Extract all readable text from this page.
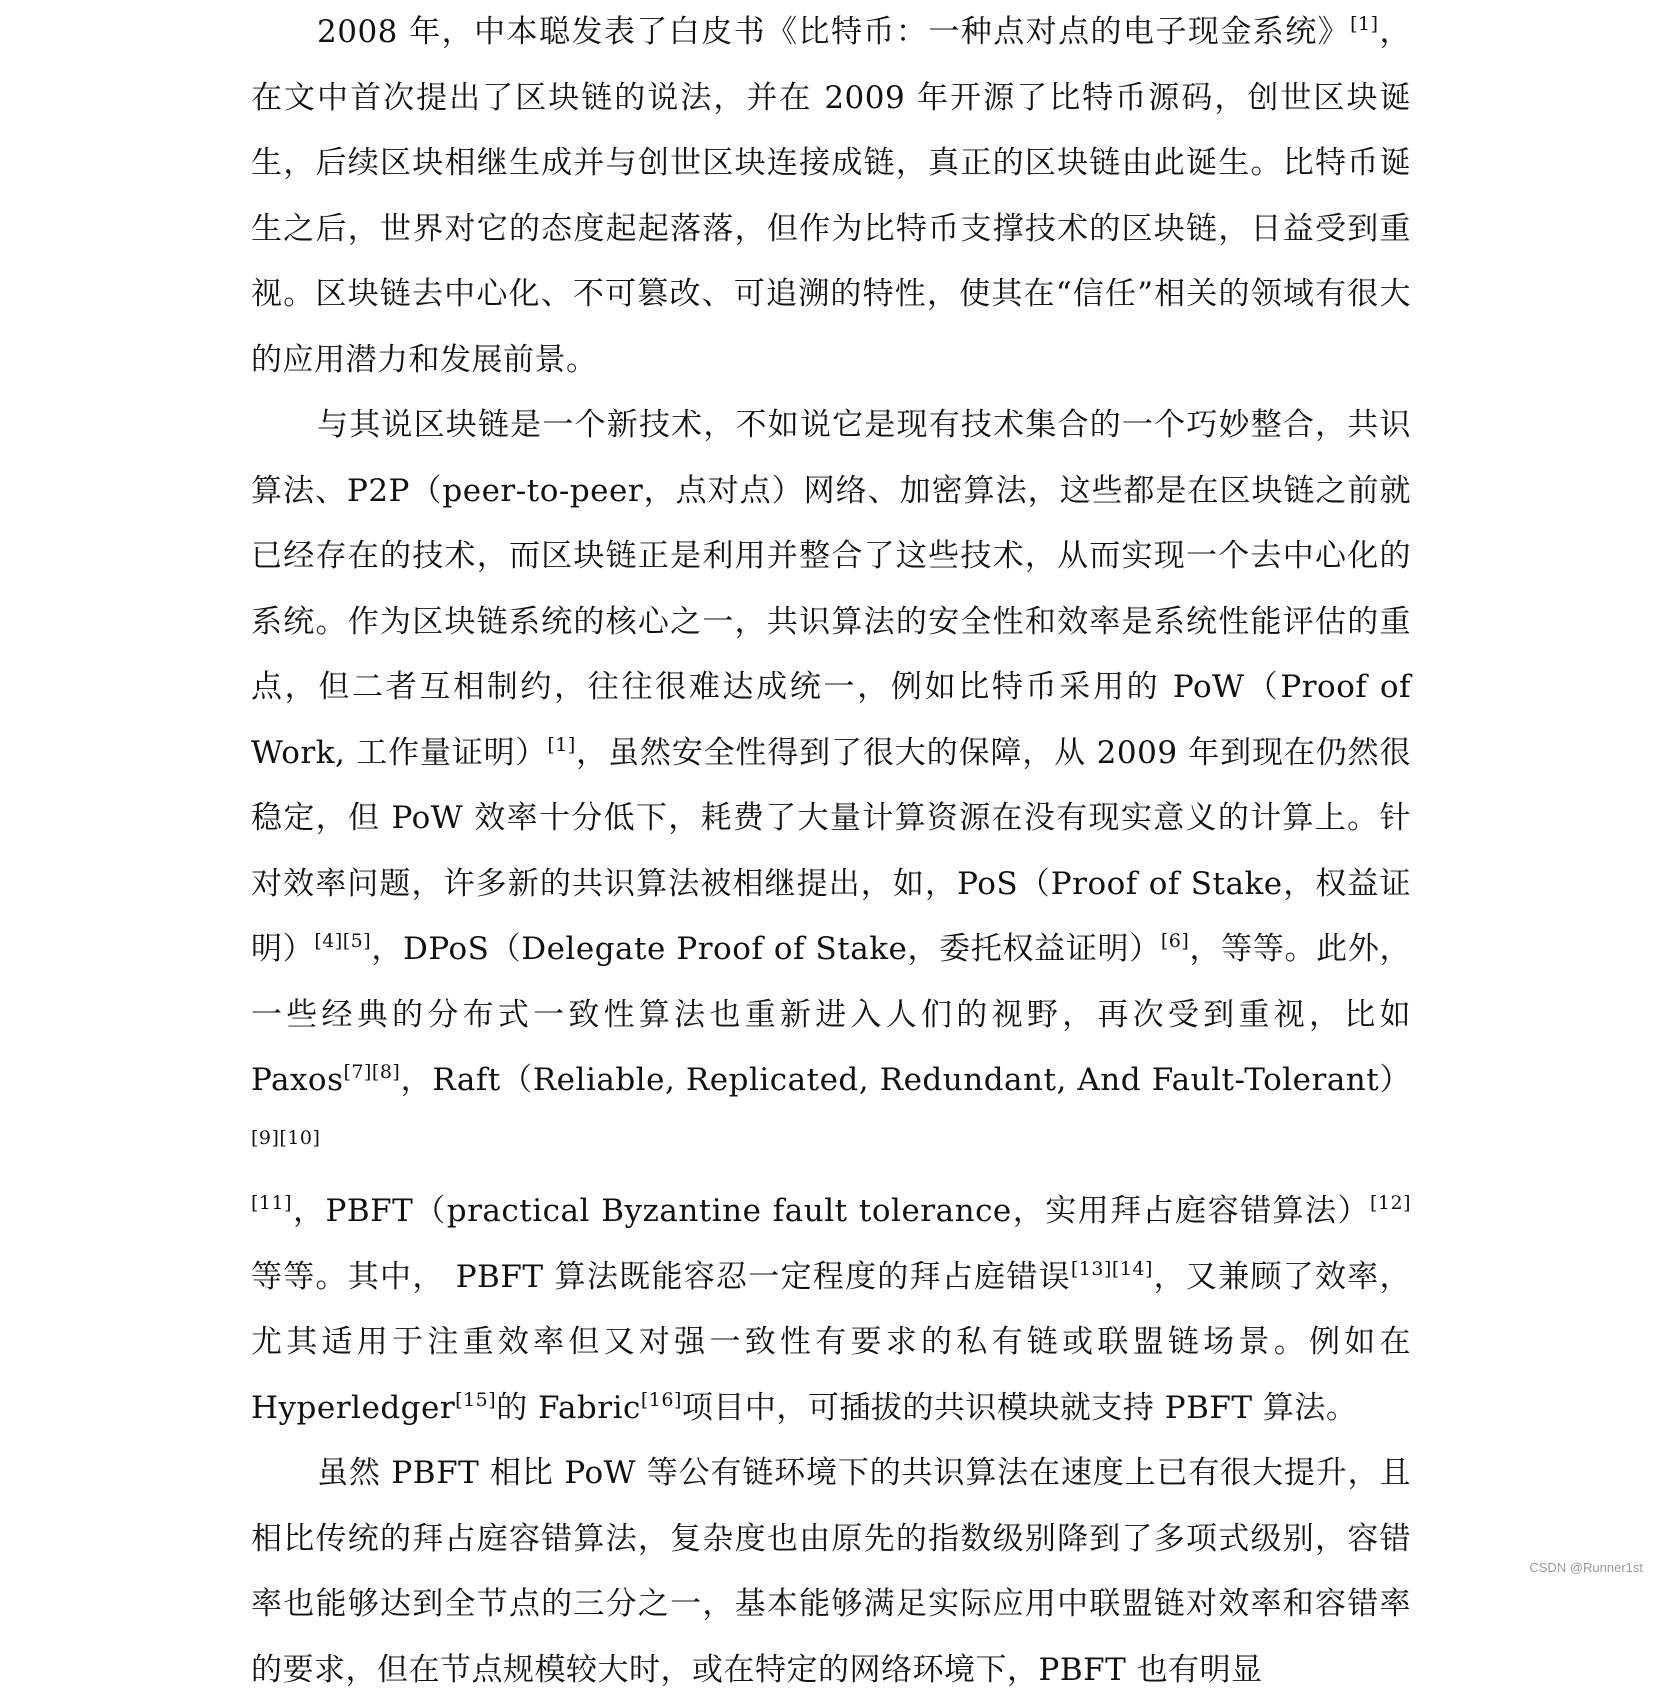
2008 年，中本聪发表了白皮书《比特币：一种点对点的电子现金系统》[1]，在文中首次提出了区块链的说法，并在 2009 年开源了比特币源码，创世区块诞生，后续区块相继生成并与创世区块连接成链，真正的区块链由此诞生。比特币诞生之后，世界对它的态度起起落落，但作为比特币支撑技术的区块链，日益受到重视。区块链去中心化、不可篡改、可追溯的特性，使其在“信任”相关的领域有很大的应用潜力和发展前景。

与其说区块链是一个新技术，不如说它是现有技术集合的一个巧妙整合，共识算法、P2P（peer-to-peer，点对点）网络、加密算法，这些都是在区块链之前就已经存在的技术，而区块链正是利用并整合了这些技术，从而实现一个去中心化的系统。作为区块链系统的核心之一，共识算法的安全性和效率是系统性能评估的重点，但二者互相制约，往往很难达成统一，例如比特币采用的 PoW（Proof of Work, 工作量证明）[1]，虽然安全性得到了很大的保障，从 2009 年到现在仍然很稳定，但 PoW 效率十分低下，耗费了大量计算资源在没有现实意义的计算上。针对效率问题，许多新的共识算法被相继提出，如，PoS（Proof of Stake，权益证明）[4][5]，DPoS（Delegate Proof of Stake，委托权益证明）[6]，等等。此外，一些经典的分布式一致性算法也重新进入人们的视野，再次受到重视，比如 Paxos[7][8]，Raft（Reliable, Replicated, Redundant, And Fault-Tolerant）[9][10][11]，PBFT（practical Byzantine fault tolerance，实用拜占庭容错算法）[12]等等。其中， PBFT 算法既能容忍一定程度的拜占庭错误[13][14]，又兼顾了效率，尤其适用于注重效率但又对强一致性有要求的私有链或联盟链场景。例如在 Hyperledger[15]的 Fabric[16]项目中，可插拔的共识模块就支持 PBFT 算法。

虽然 PBFT 相比 PoW 等公有链环境下的共识算法在速度上已有很大提升，且相比传统的拜占庭容错算法，复杂度也由原先的指数级别降到了多项式级别，容错率也能够达到全节点的三分之一，基本能够满足实际应用中联盟链对效率和容错率的要求，但在节点规模较大时，或在特定的网络环境下，PBFT 也有明显

CSDN @Runner1st
